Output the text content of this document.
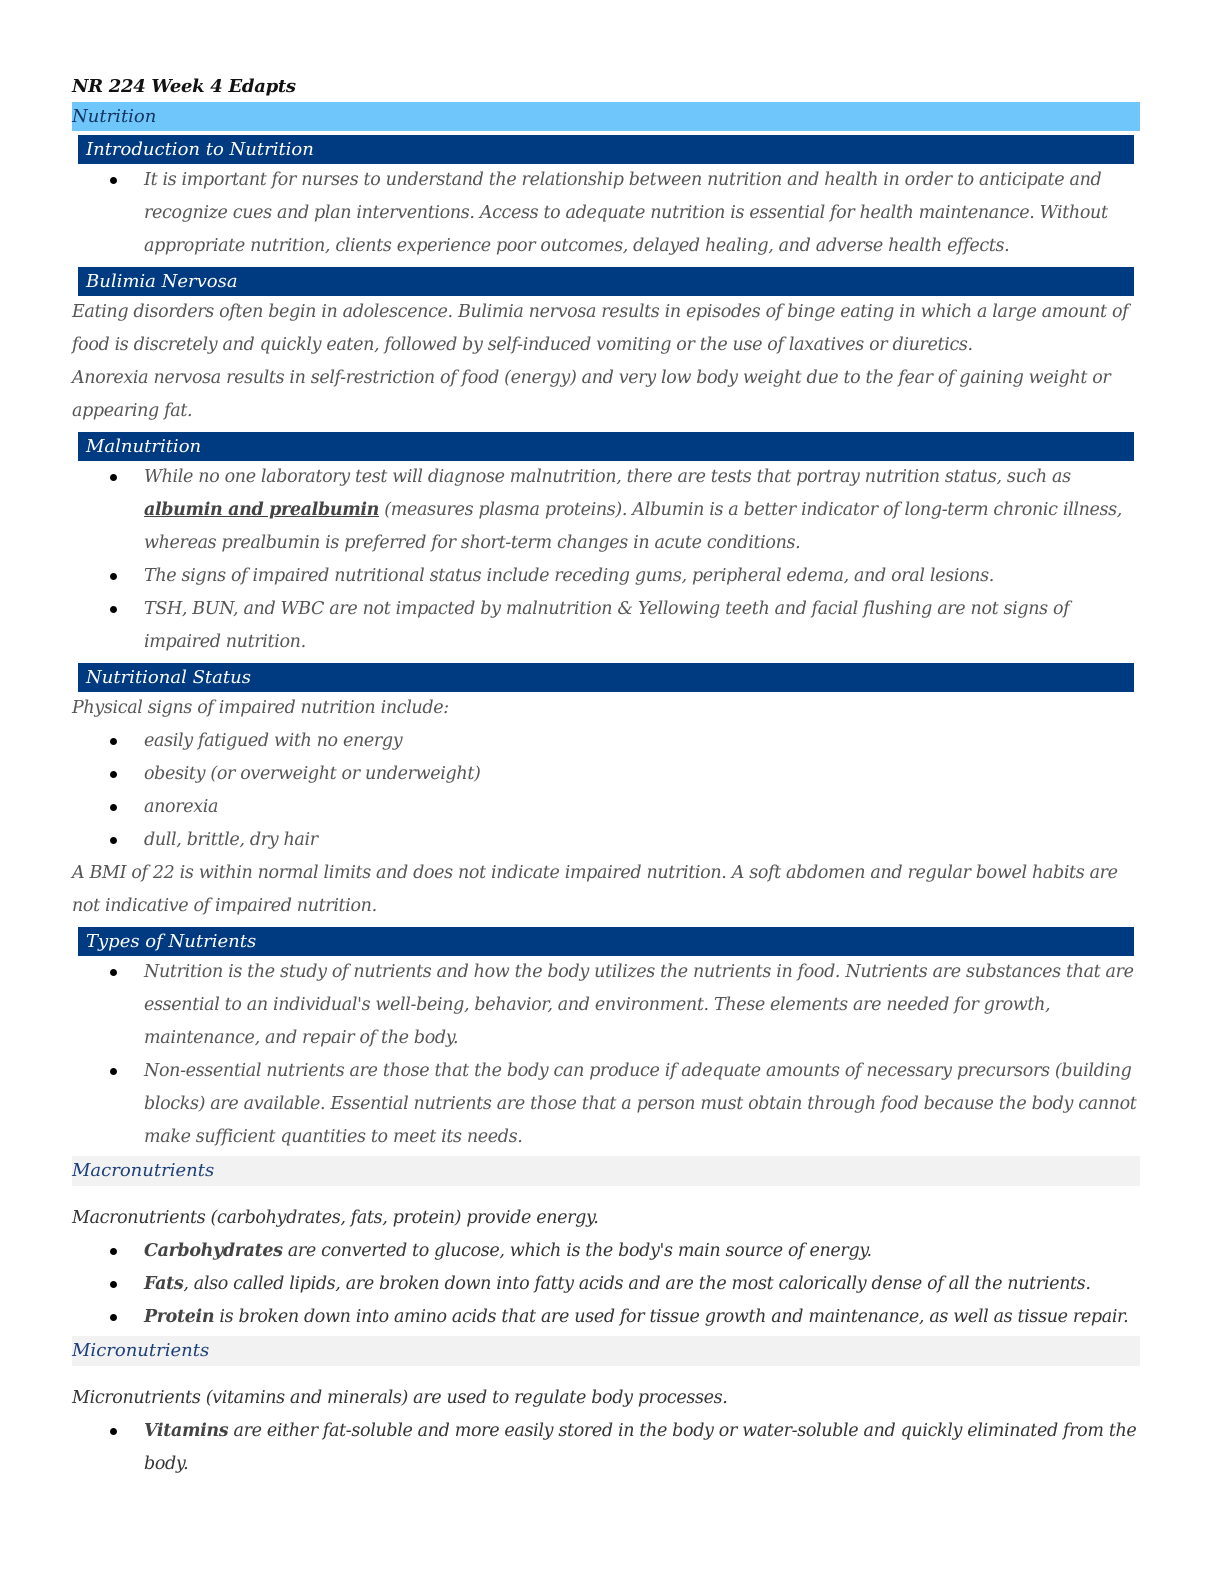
NR 224 Week 4 Edapts
Nutrition
Introduction to Nutrition
It is important for nurses to understand the relationship between nutrition and health in order to anticipate and recognize cues and plan interventions. Access to adequate nutrition is essential for health maintenance. Without appropriate nutrition, clients experience poor outcomes, delayed healing, and adverse health effects.
Bulimia Nervosa
Eating disorders often begin in adolescence. Bulimia nervosa results in episodes of binge eating in which a large amount of food is discretely and quickly eaten, followed by self-induced vomiting or the use of laxatives or diuretics.
Anorexia nervosa results in self-restriction of food (energy) and very low body weight due to the fear of gaining weight or appearing fat.
Malnutrition
While no one laboratory test will diagnose malnutrition, there are tests that portray nutrition status, such as albumin and prealbumin (measures plasma proteins). Albumin is a better indicator of long-term chronic illness, whereas prealbumin is preferred for short-term changes in acute conditions.
The signs of impaired nutritional status include receding gums, peripheral edema, and oral lesions.
TSH, BUN, and WBC are not impacted by malnutrition & Yellowing teeth and facial flushing are not signs of impaired nutrition.
Nutritional Status
Physical signs of impaired nutrition include:
easily fatigued with no energy
obesity (or overweight or underweight)
anorexia
dull, brittle, dry hair
A BMI of 22 is within normal limits and does not indicate impaired nutrition. A soft abdomen and regular bowel habits are not indicative of impaired nutrition.
Types of Nutrients
Nutrition is the study of nutrients and how the body utilizes the nutrients in food. Nutrients are substances that are essential to an individual's well-being, behavior, and environment. These elements are needed for growth, maintenance, and repair of the body.
Non-essential nutrients are those that the body can produce if adequate amounts of necessary precursors (building blocks) are available. Essential nutrients are those that a person must obtain through food because the body cannot make sufficient quantities to meet its needs.
Macronutrients
Macronutrients (carbohydrates, fats, protein) provide energy.
Carbohydrates are converted to glucose, which is the body's main source of energy.
Fats, also called lipids, are broken down into fatty acids and are the most calorically dense of all the nutrients.
Protein is broken down into amino acids that are used for tissue growth and maintenance, as well as tissue repair.
Micronutrients
Micronutrients (vitamins and minerals) are used to regulate body processes.
Vitamins are either fat-soluble and more easily stored in the body or water-soluble and quickly eliminated from the body.
